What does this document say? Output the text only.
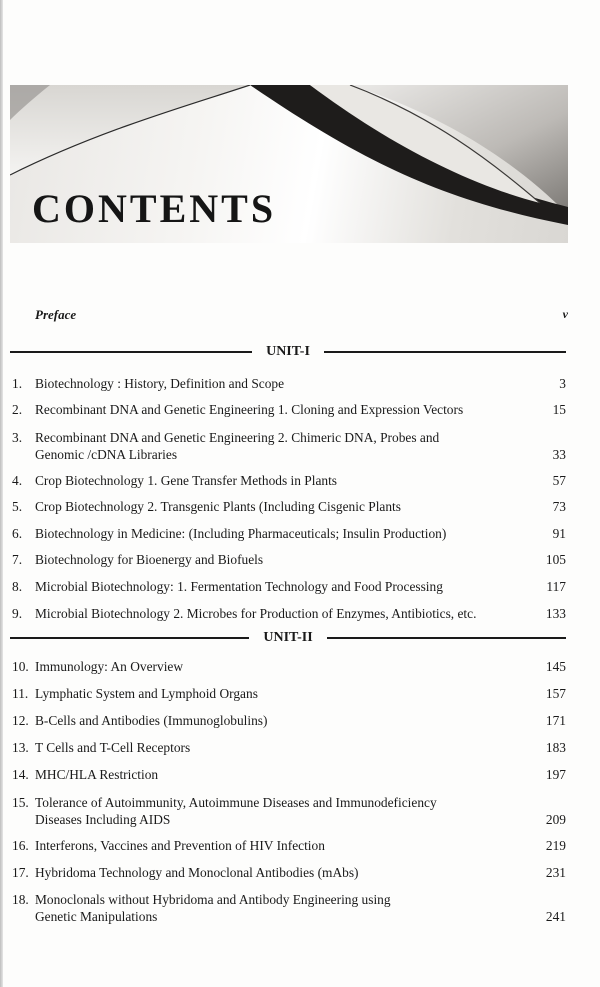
CONTENTS
Preface	v
UNIT-I
1. Biotechnology : History, Definition and Scope	3
2. Recombinant DNA and Genetic Engineering 1. Cloning and Expression Vectors	15
3. Recombinant DNA and Genetic Engineering 2. Chimeric DNA, Probes and Genomic /cDNA Libraries	33
4. Crop Biotechnology 1. Gene Transfer Methods in Plants	57
5. Crop Biotechnology 2. Transgenic Plants (Including Cisgenic Plants	73
6. Biotechnology in Medicine: (Including Pharmaceuticals; Insulin Production)	91
7. Biotechnology for Bioenergy and Biofuels	105
8. Microbial Biotechnology: 1. Fermentation Technology and Food Processing	117
9. Microbial Biotechnology 2. Microbes for Production of Enzymes, Antibiotics, etc.	133
UNIT-II
10. Immunology: An Overview	145
11. Lymphatic System and Lymphoid Organs	157
12. B-Cells and Antibodies (Immunoglobulins)	171
13. T Cells and T-Cell Receptors	183
14. MHC/HLA Restriction	197
15. Tolerance of Autoimmunity, Autoimmune Diseases and Immunodeficiency Diseases Including AIDS	209
16. Interferons, Vaccines and Prevention of HIV Infection	219
17. Hybridoma Technology and Monoclonal Antibodies (mAbs)	231
18. Monoclonals without Hybridoma and Antibody Engineering using Genetic Manipulations	241
